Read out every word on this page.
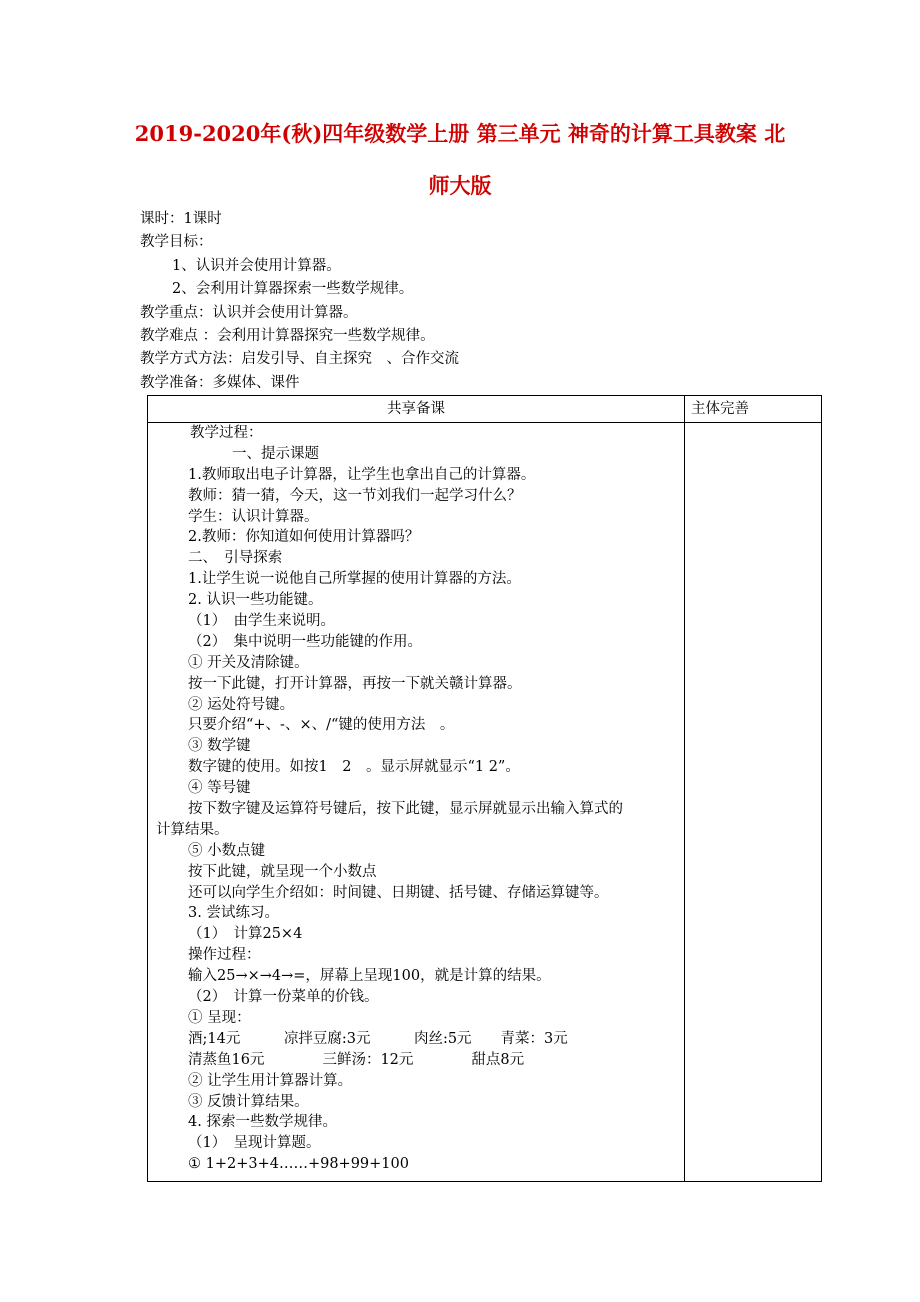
2019-2020年(秋)四年级数学上册 第三单元 神奇的计算工具教案 北
师大版
课时：1课时
教学目标：
1、认识并会使用计算器。
2、会利用计算器探索一些数学规律。
教学重点：认识并会使用计算器。
教学难点 ：会利用计算器探究一些数学规律。
教学方式方法：启发引导、自主探究　、合作交流
教学准备：多媒体、课件
共享备课	主体完善
教学过程：
一、提示课题
1.教师取出电子计算器，让学生也拿出自己的计算器。
教师：猜一猜，今天，这一节刘我们一起学习什么？
学生：认识计算器。
2.教师：你知道如何使用计算器吗？
二、　引导探索
1.让学生说一说他自己所掌握的使用计算器的方法。
2. 认识一些功能键。
（1）　由学生来说明。
（2）　集中说明一些功能键的作用。
① 开关及清除键。
按一下此键，打开计算器，再按一下就关赣计算器。
② 运处符号键。
只要介绍“+、-、×、/“键的使用方法　。
③ 数学键
数字键的使用。如按1　2　。显示屏就显示“1 2”。
④ 等号键
按下数字键及运算符号键后，按下此键，显示屏就显示出输入算式的
计算结果。
⑤ 小数点键
按下此键，就呈现一个小数点
还可以向学生介绍如：时间键、日期键、括号键、存储运算键等。
3. 尝试练习。
（1）　计算25×4
操作过程：
输入25→×→4→=，屏幕上呈现100，就是计算的结果。
（2）　计算一份菜单的价钱。
① 呈现：
酒;14元　　　凉拌豆腐:3元　　　肉丝:5元　　青菜：3元
清蒸鱼16元　　　　三鲜汤：12元　　　　甜点8元
② 让学生用计算器计算。
③ 反馈计算结果。
4. 探索一些数学规律。
（1）　呈现计算题。
① 1+2+3+4……+98+99+100
